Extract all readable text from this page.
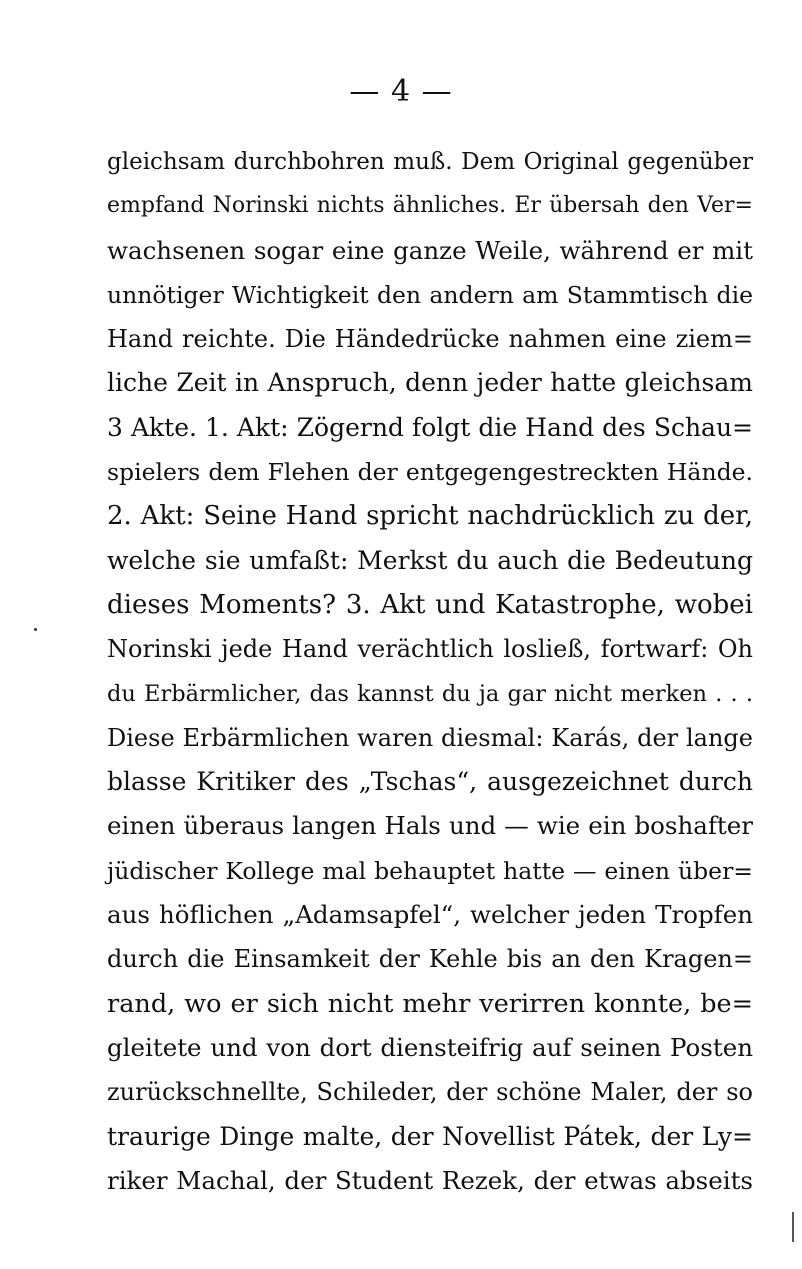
— 4 —
gleichsam durchbohren muß. Dem Original gegenüber
empfand Norinski nichts ähnliches. Er übersah den Ver=
wachsenen sogar eine ganze Weile, während er mit
unnötiger Wichtigkeit den andern am Stammtisch die
Hand reichte. Die Händedrücke nahmen eine ziem=
liche Zeit in Anspruch, denn jeder hatte gleichsam
3 Akte. 1. Akt: Zögernd folgt die Hand des Schau=
spielers dem Flehen der entgegengestreckten Hände.
2. Akt: Seine Hand spricht nachdrücklich zu der,
welche sie umfaßt: Merkst du auch die Bedeutung
dieses Moments? 3. Akt und Katastrophe, wobei
Norinski jede Hand verächtlich losließ, fortwarf: Oh
du Erbärmlicher, das kannst du ja gar nicht merken . . .
Diese Erbärmlichen waren diesmal: Karás, der lange
blasse Kritiker des „Tschas“, ausgezeichnet durch
einen überaus langen Hals und — wie ein boshafter
jüdischer Kollege mal behauptet hatte — einen über=
aus höflichen „Adamsapfel“, welcher jeden Tropfen
durch die Einsamkeit der Kehle bis an den Kragen=
rand, wo er sich nicht mehr verirren konnte, be=
gleitete und von dort diensteifrig auf seinen Posten
zurückschnellte, Schileder, der schöne Maler, der so
traurige Dinge malte, der Novellist Pátek, der Ly=
riker Machal, der Student Rezek, der etwas abseits
